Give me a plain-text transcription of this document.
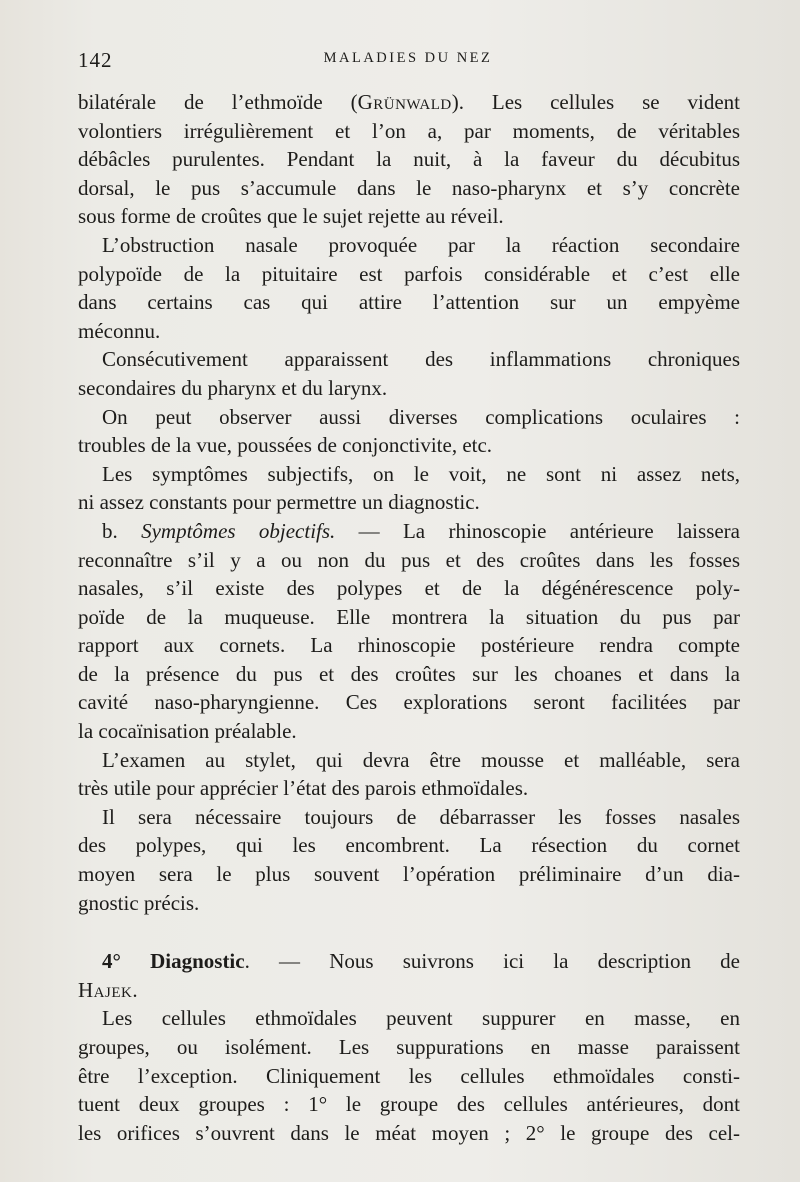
142	MALADIES DU NEZ
bilatérale de l’ethmoïde (Grünwald). Les cellules se vident
volontiers irrégulièrement et l’on a, par moments, de véritables
débâcles purulentes. Pendant la nuit, à la faveur du décubitus
dorsal, le pus s’accumule dans le naso-pharynx et s’y concrète
sous forme de croûtes que le sujet rejette au réveil.
L’obstruction nasale provoquée par la réaction secondaire
polypoïde de la pituitaire est parfois considérable et c’est elle
dans certains cas qui attire l’attention sur un empyème
méconnu.
Consécutivement apparaissent des inflammations chroniques
secondaires du pharynx et du larynx.
On peut observer aussi diverses complications oculaires :
troubles de la vue, poussées de conjonctivite, etc.
Les symptômes subjectifs, on le voit, ne sont ni assez nets,
ni assez constants pour permettre un diagnostic.
b. Symptômes objectifs. — La rhinoscopie antérieure laissera
reconnaître s’il y a ou non du pus et des croûtes dans les fosses
nasales, s’il existe des polypes et de la dégénérescence poly-
poïde de la muqueuse. Elle montrera la situation du pus par
rapport aux cornets. La rhinoscopie postérieure rendra compte
de la présence du pus et des croûtes sur les choanes et dans la
cavité naso-pharyngienne. Ces explorations seront facilitées par
la cocaïnisation préalable.
L’examen au stylet, qui devra être mousse et malléable, sera
très utile pour apprécier l’état des parois ethmoïdales.
Il sera nécessaire toujours de débarrasser les fosses nasales
des polypes, qui les encombrent. La résection du cornet
moyen sera le plus souvent l’opération préliminaire d’un dia-
gnostic précis.
4° Diagnostic. — Nous suivrons ici la description de
Hajek.
Les cellules ethmoïdales peuvent suppurer en masse, en
groupes, ou isolément. Les suppurations en masse paraissent
être l’exception. Cliniquement les cellules ethmoïdales consti-
tuent deux groupes : 1° le groupe des cellules antérieures, dont
les orifices s’ouvrent dans le méat moyen ; 2° le groupe des cel-
